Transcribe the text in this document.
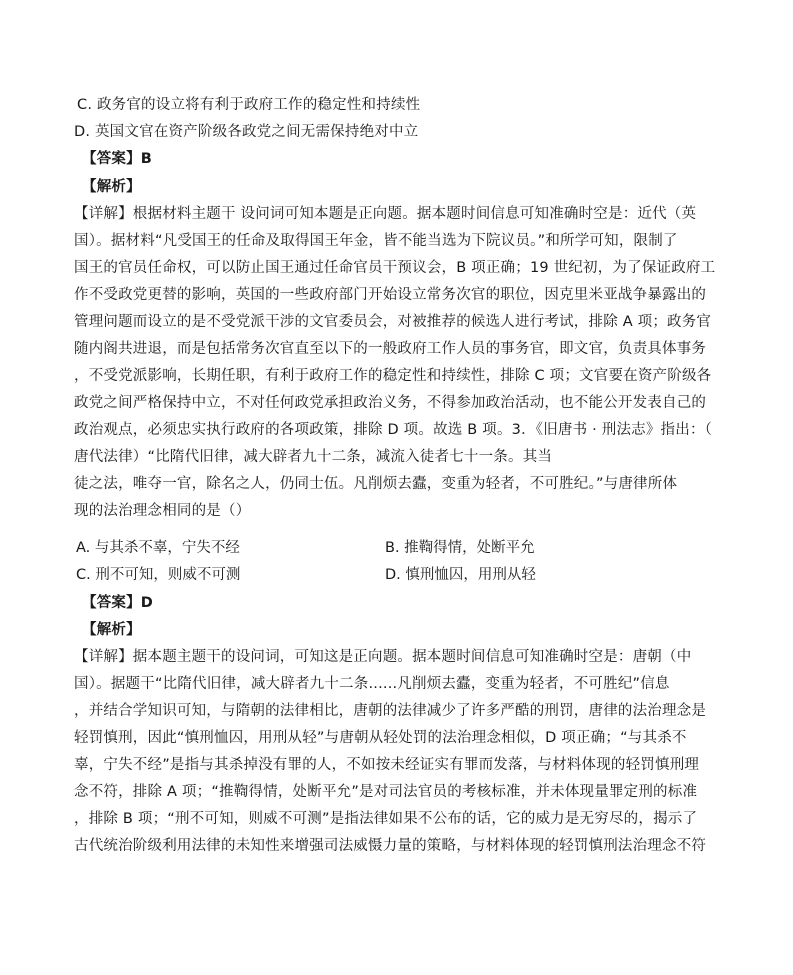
C. 政务官的设立将有利于政府工作的稳定性和持续性
D. 英国文官在资产阶级各政党之间无需保持绝对中立
【答案】B
【解析】
【详解】根据材料主题干 设问词可知本题是正向题。据本题时间信息可知准确时空是：近代（英
国）。据材料“凡受国王的任命及取得国王年金，皆不能当选为下院议员。”和所学可知，限制了
国王的官员任命权，可以防止国王通过任命官员干预议会，B 项正确；19 世纪初，为了保证政府工
作不受政党更替的影响，英国的一些政府部门开始设立常务次官的职位，因克里米亚战争暴露出的
管理问题而设立的是不受党派干涉的文官委员会，对被推荐的候选人进行考试，排除 A 项；政务官
随内阁共进退，而是包括常务次官直至以下的一般政府工作人员的事务官，即文官，负责具体事务
，不受党派影响，长期任职，有利于政府工作的稳定性和持续性，排除 C 项；文官要在资产阶级各
政党之间严格保持中立，不对任何政党承担政治义务，不得参加政治活动，也不能公开发表自己的
政治观点，必须忠实执行政府的各项政策，排除 D 项。故选 B 项。3．《旧唐书 · 刑法志》指出：（
唐代法律）“比隋代旧律，减大辟者九十二条，减流入徒者七十一条。其当
徒之法，唯夺一官，除名之人，仍同士伍。凡削烦去蠹，变重为轻者，不可胜纪。”与唐律所体
现的法治理念相同的是（）
A. 与其杀不辜，宁失不经	B. 推鞫得情，处断平允
C. 刑不可知，则威不可测	D. 慎刑恤囚，用刑从轻
【答案】D
【解析】
【详解】据本题主题干的设问词，可知这是正向题。据本题时间信息可知准确时空是：唐朝（中
国）。据题干“比隋代旧律，减大辟者九十二条......凡削烦去蠹，变重为轻者，不可胜纪”信息
，并结合学知识可知，与隋朝的法律相比，唐朝的法律减少了许多严酷的刑罚，唐律的法治理念是
轻罚慎刑，因此“慎刑恤囚，用刑从轻”与唐朝从轻处罚的法治理念相似，D 项正确；“与其杀不
辜，宁失不经”是指与其杀掉没有罪的人，不如按未经证实有罪而发落，与材料体现的轻罚慎刑理
念不符，排除 A 项；“推鞫得情，处断平允”是对司法官员的考核标准，并未体现量罪定刑的标准
，排除 B 项；“刑不可知，则威不可测”是指法律如果不公布的话，它的威力是无穷尽的，揭示了
古代统治阶级利用法律的未知性来增强司法威慑力量的策略，与材料体现的轻罚慎刑法治理念不符
